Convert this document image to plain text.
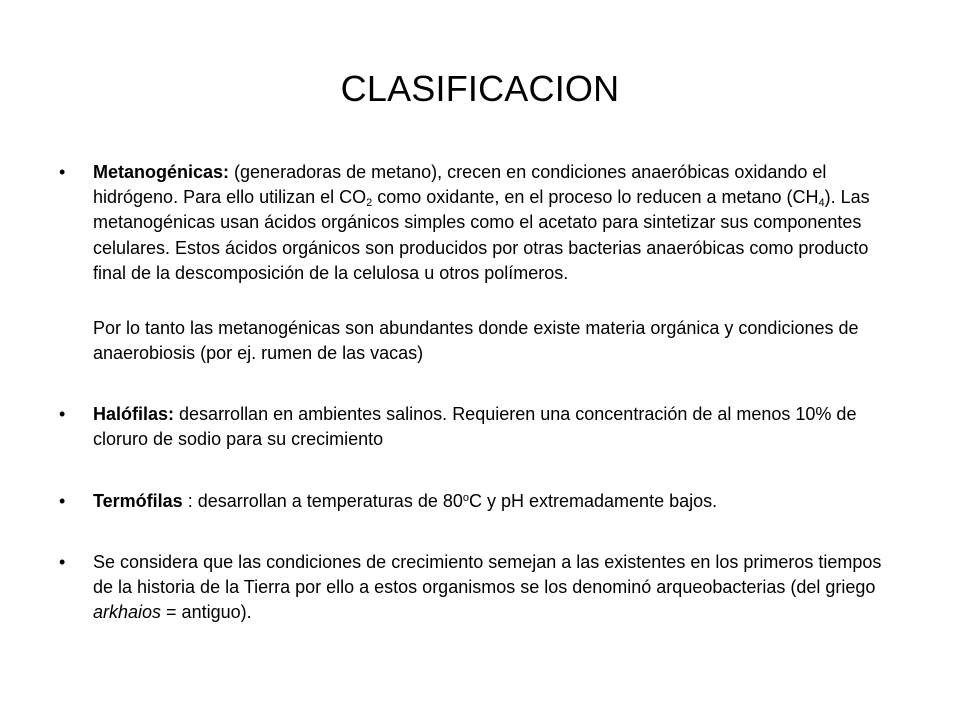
CLASIFICACION
•	Metanogénicas: (generadoras de metano), crecen en condiciones anaeróbicas oxidando el hidrógeno. Para ello utilizan el $CO_2$ como oxidante, en el proceso lo reducen a metano $(CH_4)$. Las metanogénicas usan ácidos orgánicos simples como el acetato para sintetizar sus componentes celulares. Estos ácidos orgánicos son producidos por otras bacterias anaeróbicas como producto final de la descomposición de la celulosa u otros polímeros.
Por lo tanto las metanogénicas son abundantes donde existe materia orgánica y condiciones de anaerobiosis (por ej. rumen de las vacas)
•	Halófilas: desarrollan en ambientes salinos. Requieren una concentración de al menos 10% de cloruro de sodio para su crecimiento
•	Termófilas : desarrollan a temperaturas de 80$^o$C y pH extremadamente bajos.
•	Se considera que las condiciones de crecimiento semejan a las existentes en los primeros tiempos de la historia de la Tierra por ello a estos organismos se los denominó arqueobacterias (del griego arkhaios = antiguo).
